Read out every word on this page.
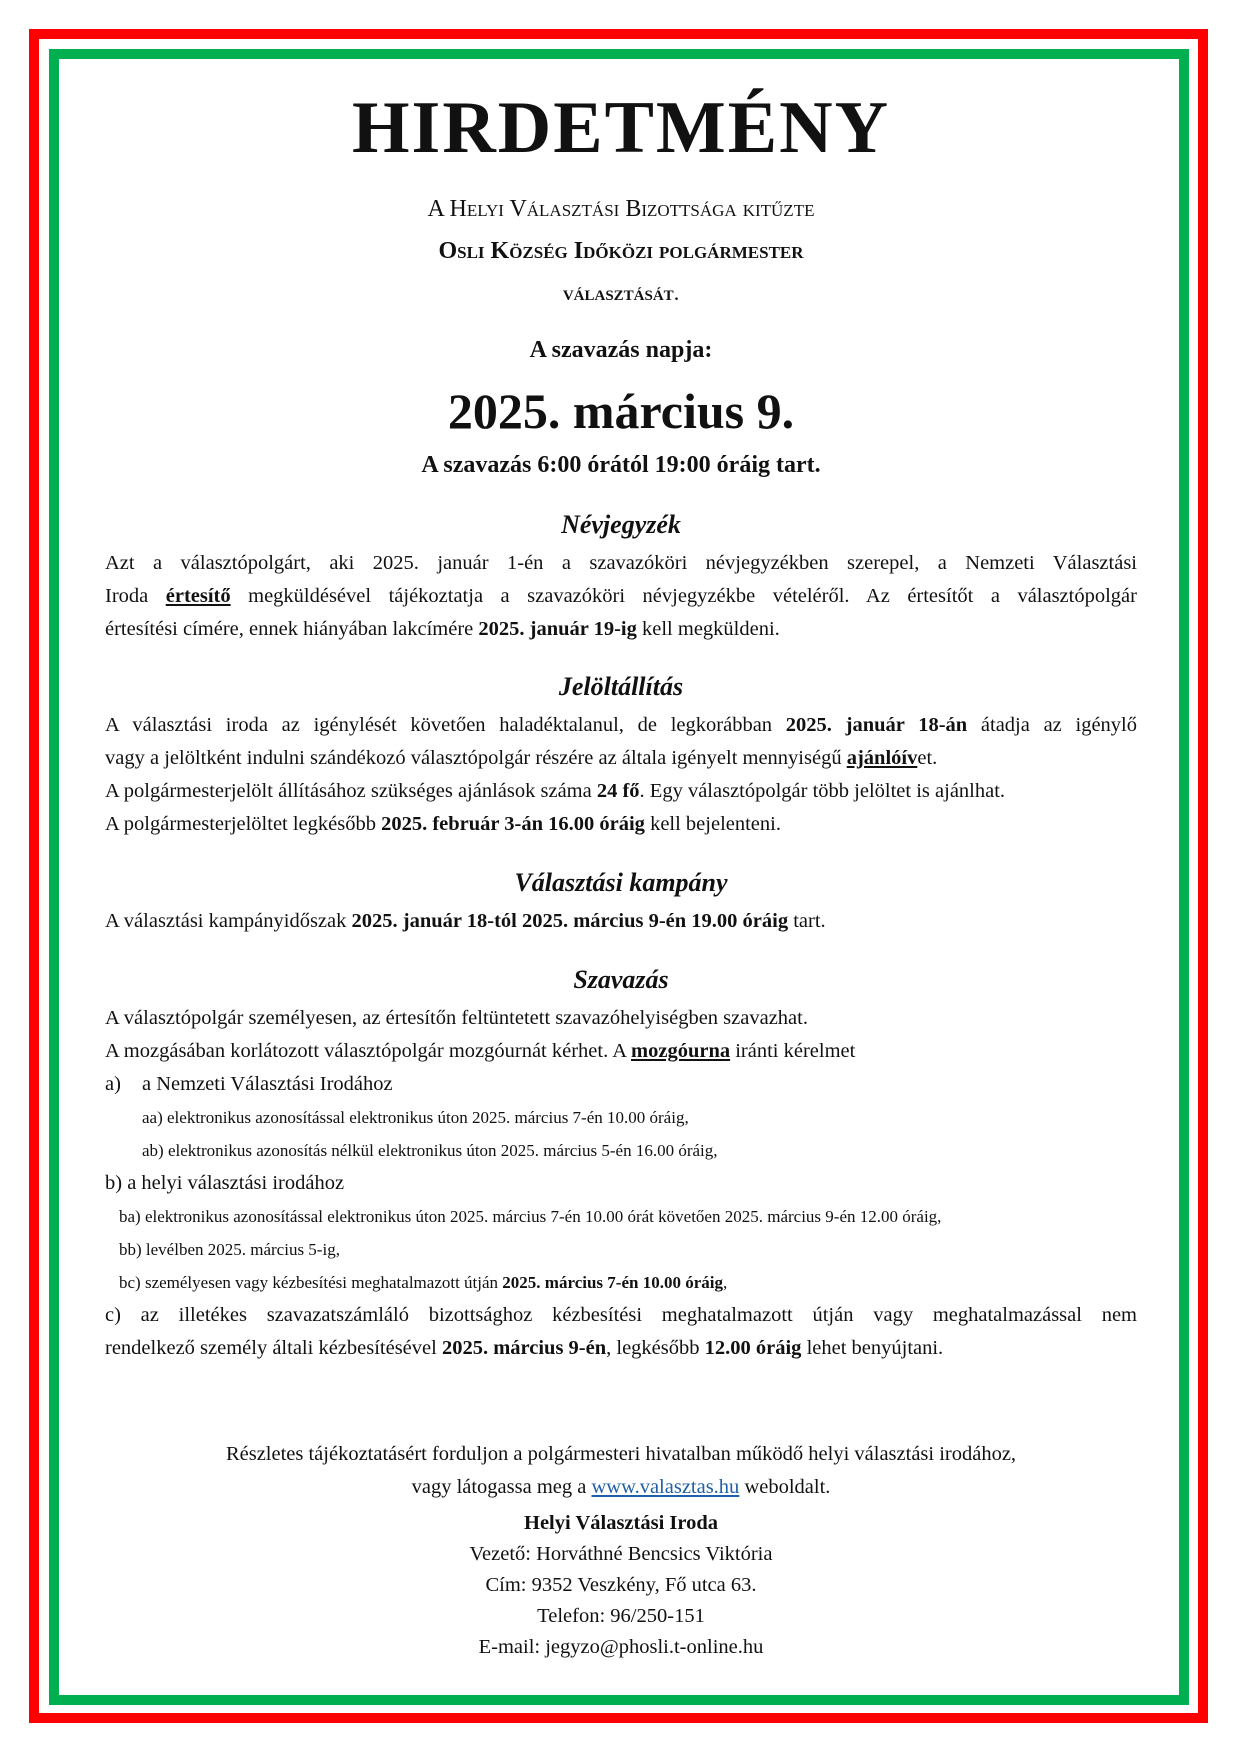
HIRDETMÉNY
A Helyi Választási Bizottsága kitűzte
Osli Község Időközi polgármester
választását.
A szavazás napja:
2025. március 9.
A szavazás 6:00 órától 19:00 óráig tart.
Névjegyzék
Azt a választópolgárt, aki 2025. január 1-én a szavazóköri névjegyzékben szerepel, a Nemzeti Választási
Iroda értesítő megküldésével tájékoztatja a szavazóköri névjegyzékbe vételéről. Az értesítőt a választópolgár
értesítési címére, ennek hiányában lakcímére 2025. január 19-ig kell megküldeni.
Jelöltállítás
A választási iroda az igénylését követően haladéktalanul, de legkorábban 2025. január 18-án átadja az igénylő
vagy a jelöltként indulni szándékozó választópolgár részére az általa igényelt mennyiségű ajánlóívet.
A polgármesterjelölt állításához szükséges ajánlások száma 24 fő. Egy választópolgár több jelöltet is ajánlhat.
A polgármesterjelöltet legkésőbb 2025. február 3-án 16.00 óráig kell bejelenteni.
Választási kampány
A választási kampányidőszak 2025. január 18-tól 2025. március 9-én 19.00 óráig tart.
Szavazás
A választópolgár személyesen, az értesítőn feltüntetett szavazóhelyiségben szavazhat.
A mozgásában korlátozott választópolgár mozgóurnát kérhet. A mozgóurna iránti kérelmet
a) a Nemzeti Választási Irodához
aa) elektronikus azonosítással elektronikus úton 2025. március 7-én 10.00 óráig,
ab) elektronikus azonosítás nélkül elektronikus úton 2025. március 5-én 16.00 óráig,
b) a helyi választási irodához
ba) elektronikus azonosítással elektronikus úton 2025. március 7-én 10.00 órát követően 2025. március 9-én 12.00 óráig,
bb) levélben 2025. március 5-ig,
bc) személyesen vagy kézbesítési meghatalmazott útján 2025. március 7-én 10.00 óráig,
c) az illetékes szavazatszámláló bizottsághoz kézbesítési meghatalmazott útján vagy meghatalmazással nem
rendelkező személy általi kézbesítésével 2025. március 9-én, legkésőbb 12.00 óráig lehet benyújtani.
Részletes tájékoztatásért forduljon a polgármesteri hivatalban működő helyi választási irodához,
vagy látogassa meg a www.valasztas.hu weboldalt.
Helyi Választási Iroda
Vezető: Horváthné Bencsics Viktória
Cím: 9352 Veszkény, Fő utca 63.
Telefon: 96/250-151
E-mail: jegyzo@phosli.t-online.hu
